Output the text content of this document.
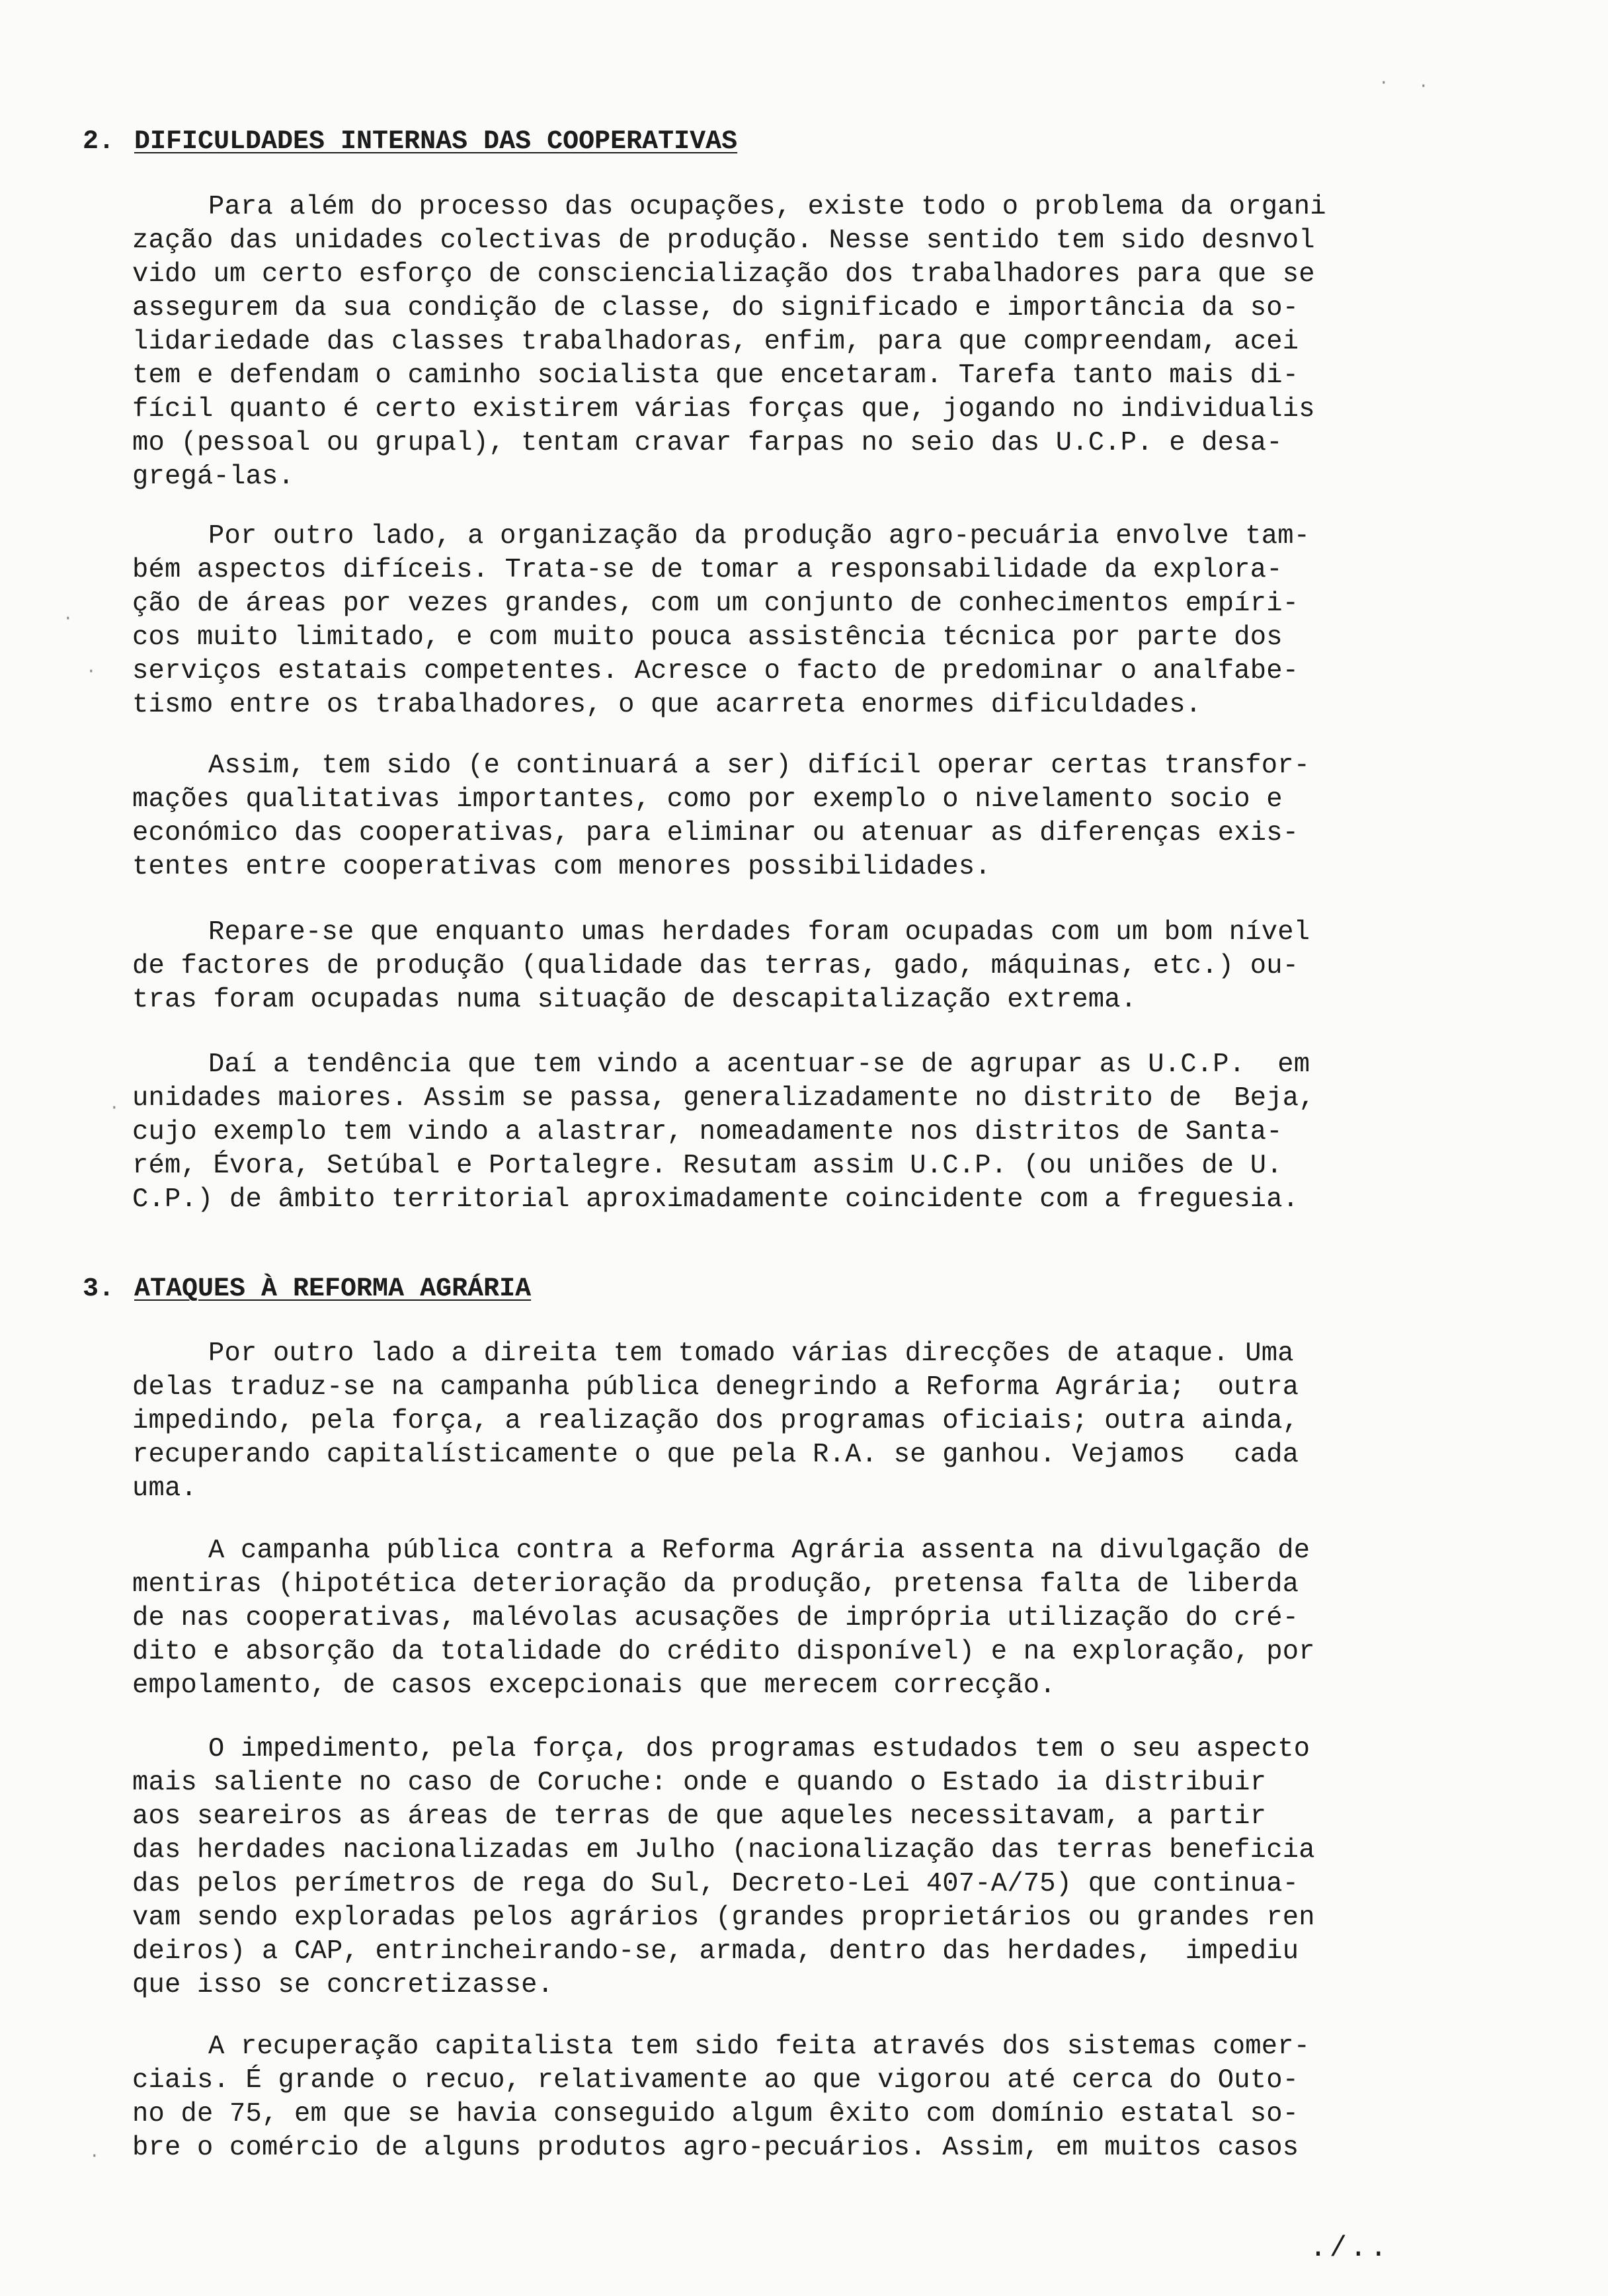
2. DIFICULDADES INTERNAS DAS COOPERATIVAS
Para além do processo das ocupações, existe todo o problema da organi
zação das unidades colectivas de produção. Nesse sentido tem sido desnvol
vido um certo esforço de consciencialização dos trabalhadores para que se
assegurem da sua condição de classe, do significado e importância da so-
lidariedade das classes trabalhadoras, enfim, para que compreendam, acei
tem e defendam o caminho socialista que encetaram. Tarefa tanto mais di-
fícil quanto é certo existirem várias forças que, jogando no individualis
mo (pessoal ou grupal), tentam cravar farpas no seio das U.C.P. e desa-
gregá-las.
Por outro lado, a organização da produção agro-pecuária envolve tam-
bém aspectos difíceis. Trata-se de tomar a responsabilidade da explora-
ção de áreas por vezes grandes, com um conjunto de conhecimentos empíri-
cos muito limitado, e com muito pouca assistência técnica por parte dos
serviços estatais competentes. Acresce o facto de predominar o analfabe-
tismo entre os trabalhadores, o que acarreta enormes dificuldades.
Assim, tem sido (e continuará a ser) difícil operar certas transfor-
mações qualitativas importantes, como por exemplo o nivelamento socio e
económico das cooperativas, para eliminar ou atenuar as diferenças exis-
tentes entre cooperativas com menores possibilidades.
Repare-se que enquanto umas herdades foram ocupadas com um bom nível
de factores de produção (qualidade das terras, gado, máquinas, etc.) ou-
tras foram ocupadas numa situação de descapitalização extrema.
Daí a tendência que tem vindo a acentuar-se de agrupar as U.C.P.  em
unidades maiores. Assim se passa, generalizadamente no distrito de  Beja,
cujo exemplo tem vindo a alastrar, nomeadamente nos distritos de Santa-
rém, Évora, Setúbal e Portalegre. Resutam assim U.C.P. (ou uniões de U.
C.P.) de âmbito territorial aproximadamente coincidente com a freguesia.
3. ATAQUES À REFORMA AGRÁRIA
Por outro lado a direita tem tomado várias direcções de ataque. Uma
delas traduz-se na campanha pública denegrindo a Reforma Agrária;  outra
impedindo, pela força, a realização dos programas oficiais; outra ainda,
recuperando capitalísticamente o que pela R.A. se ganhou. Vejamos   cada
uma.
A campanha pública contra a Reforma Agrária assenta na divulgação de
mentiras (hipotética deterioração da produção, pretensa falta de liberda
de nas cooperativas, malévolas acusações de imprópria utilização do cré-
dito e absorção da totalidade do crédito disponível) e na exploração, por
empolamento, de casos excepcionais que merecem correcção.
O impedimento, pela força, dos programas estudados tem o seu aspecto
mais saliente no caso de Coruche: onde e quando o Estado ia distribuir
aos seareiros as áreas de terras de que aqueles necessitavam, a partir
das herdades nacionalizadas em Julho (nacionalização das terras beneficia
das pelos perímetros de rega do Sul, Decreto-Lei 407-A/75) que continua-
vam sendo exploradas pelos agrários (grandes proprietários ou grandes ren
deiros) a CAP, entrincheirando-se, armada, dentro das herdades,  impediu
que isso se concretizasse.
A recuperação capitalista tem sido feita através dos sistemas comer-
ciais. É grande o recuo, relativamente ao que vigorou até cerca do Outo-
no de 75, em que se havia conseguido algum êxito com domínio estatal so-
bre o comércio de alguns produtos agro-pecuários. Assim, em muitos casos
./..
· ·
·
·
·
·
